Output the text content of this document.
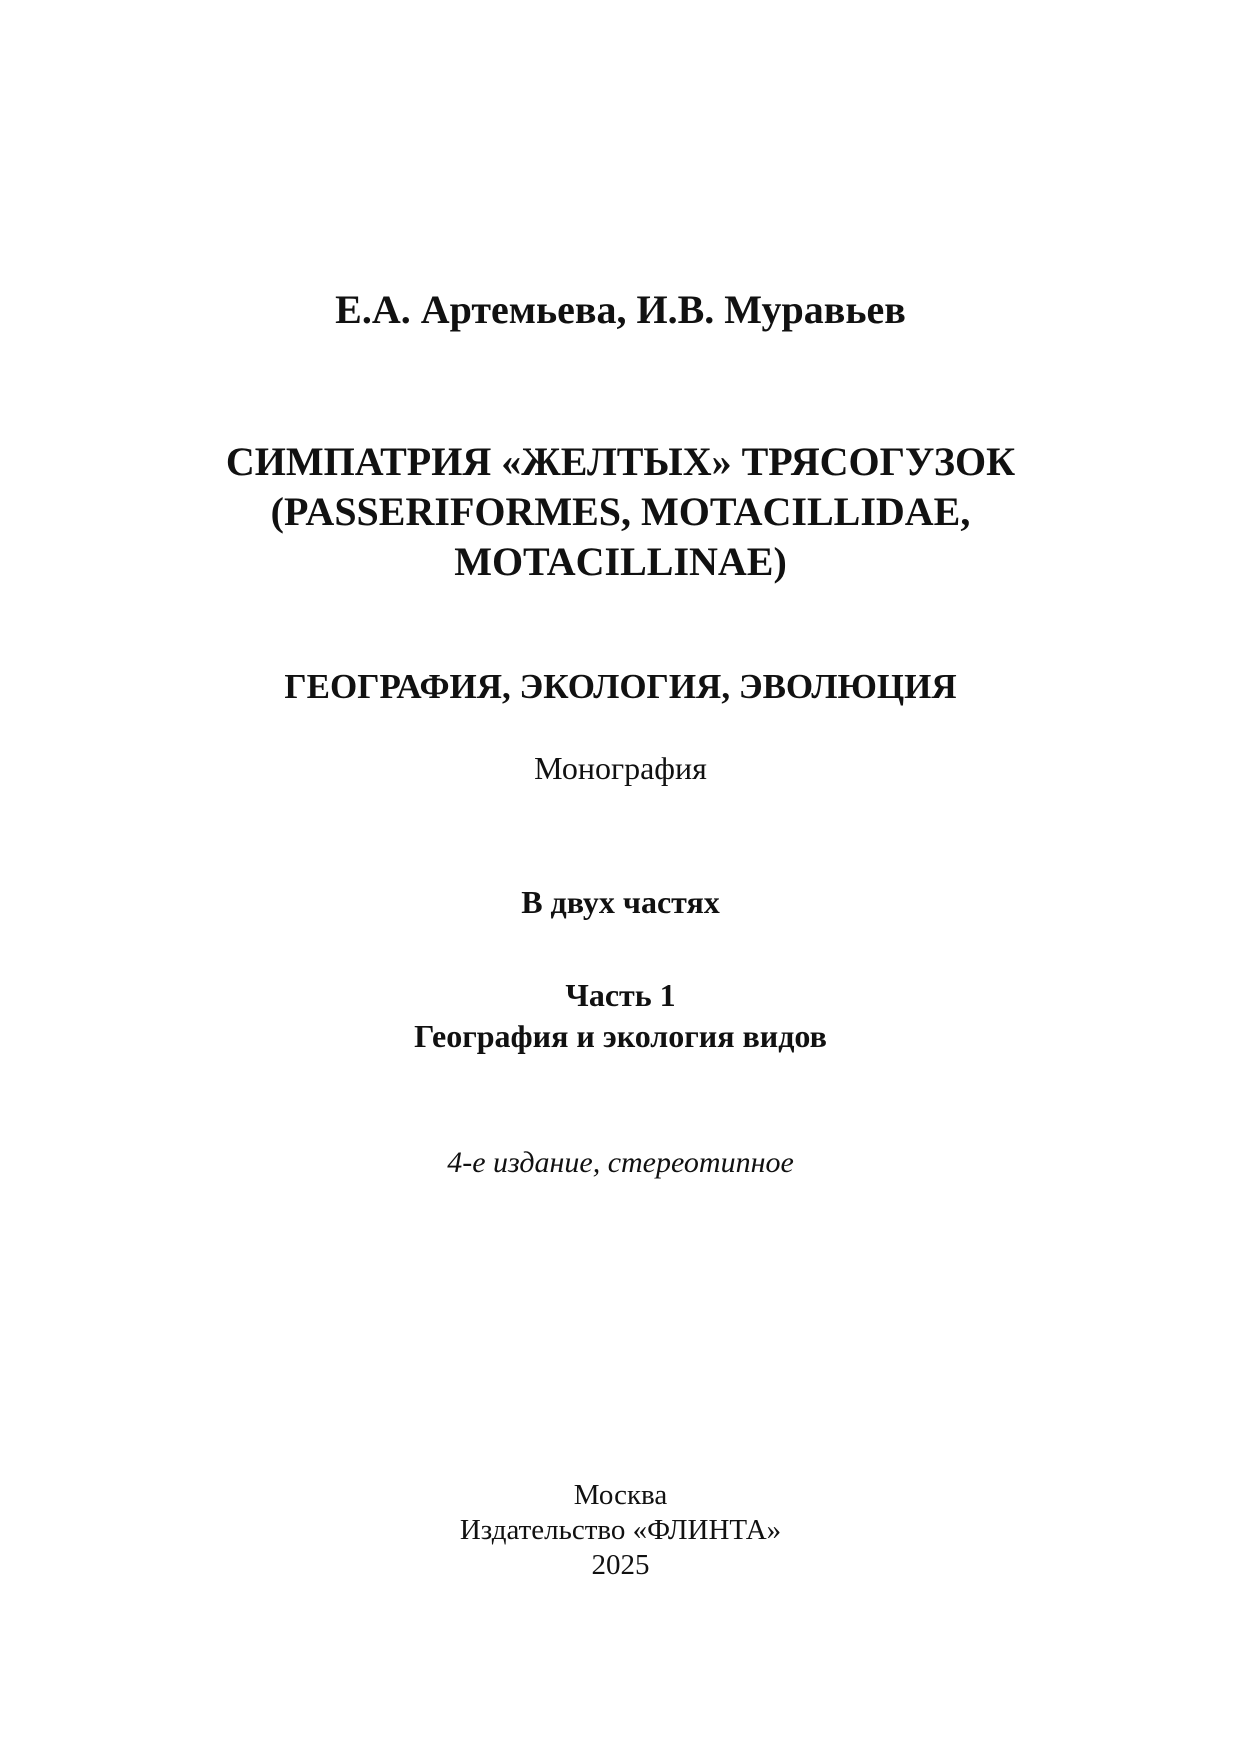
Е.А. Артемьева, И.В. Муравьев

СИМПАТРИЯ «ЖЕЛТЫХ» ТРЯСОГУЗОК
(PASSERIFORMES, MOTACILLIDAE,
MOTACILLINAE)

ГЕОГРАФИЯ, ЭКОЛОГИЯ, ЭВОЛЮЦИЯ

Монография

В двух частях

Часть 1
География и экология видов

4-е издание, стереотипное

Москва
Издательство «ФЛИНТА»
2025
